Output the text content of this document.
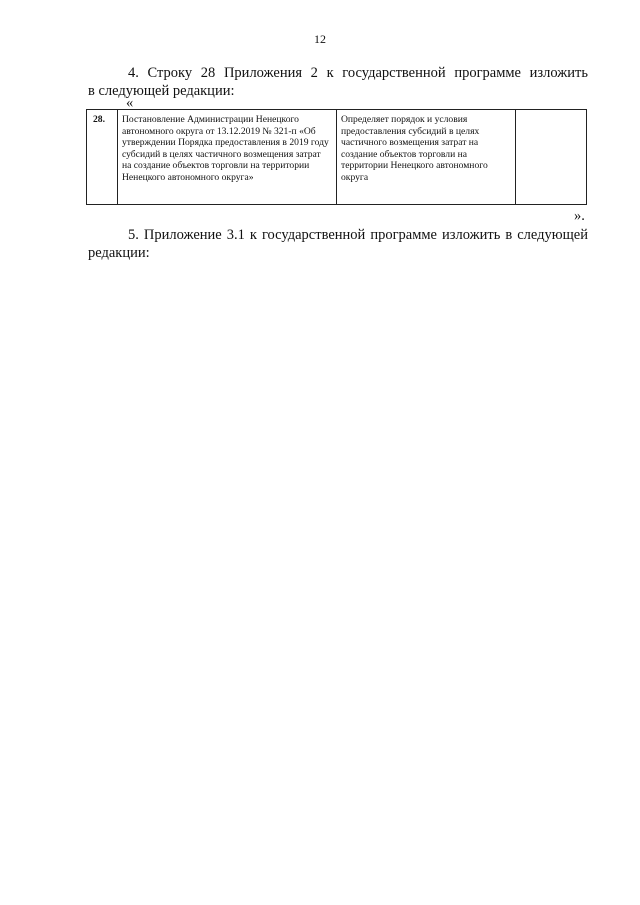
12
4. Строку 28 Приложения 2 к государственной программе изложить
в следующей редакции:
«
28.	Постановление Администрации Ненецкого автономного округа от 13.12.2019 № 321-п «Об утверждении Порядка предоставления в 2019 году субсидий в целях частичного возмещения затрат на создание объектов торговли на территории Ненецкого автономного округа»	Определяет порядок и условия предоставления субсидий в целях частичного возмещения затрат на создание объектов торговли на территории Ненецкого автономного округа	
».
5. Приложение 3.1 к государственной программе изложить в следующей
редакции:
